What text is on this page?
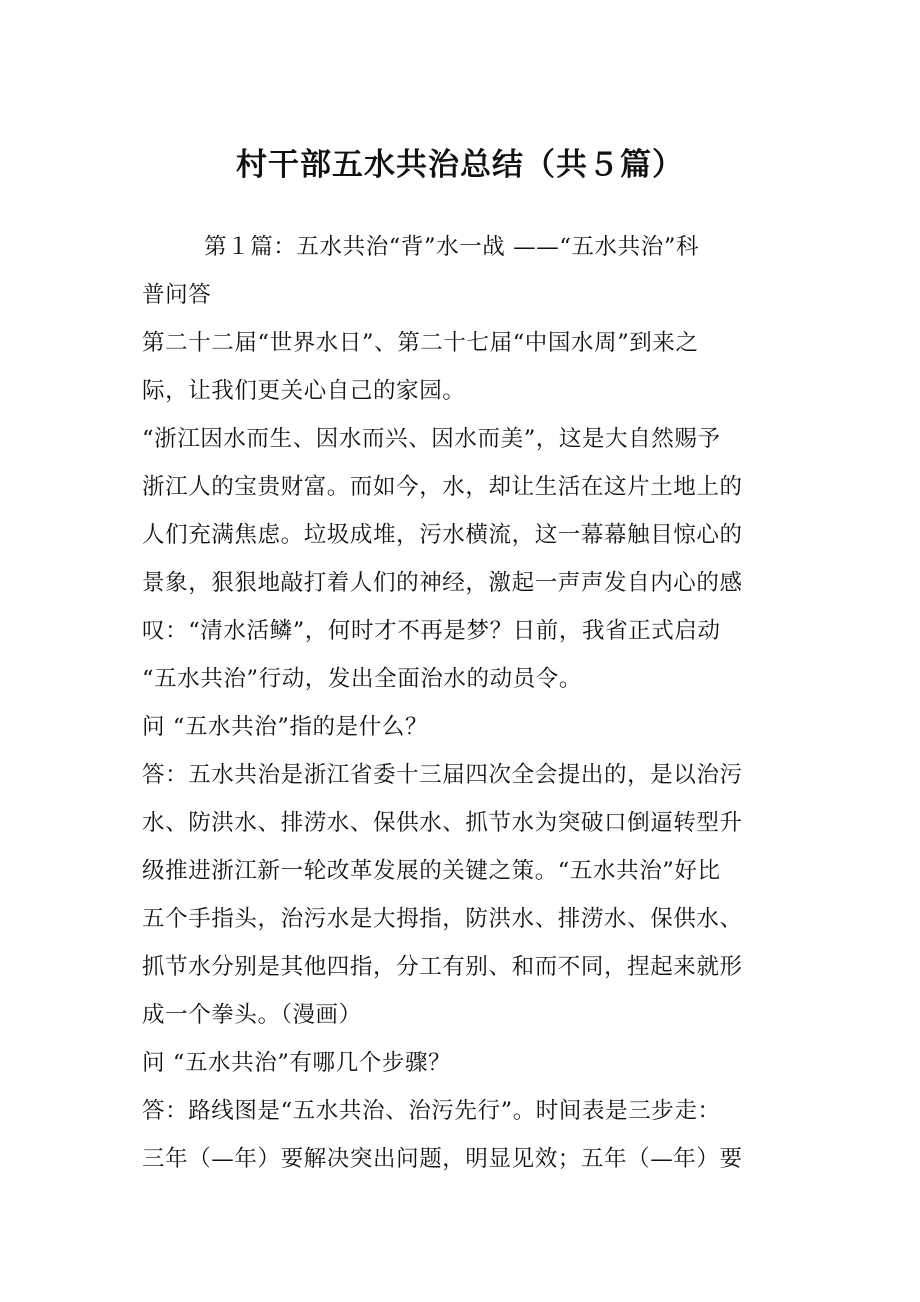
村干部五水共治总结（共５篇）
第１篇：五水共治“背”水一战 ——“五水共治”科
普问答
第二十二届“世界水日”、第二十七届“中国水周”到来之
际，让我们更关心自己的家园。
“浙江因水而生、因水而兴、因水而美”，这是大自然赐予
浙江人的宝贵财富。而如今，水，却让生活在这片土地上的
人们充满焦虑。垃圾成堆，污水横流，这一幕幕触目惊心的
景象，狠狠地敲打着人们的神经，激起一声声发自内心的感
叹：“清水活鳞”，何时才不再是梦？日前，我省正式启动
“五水共治”行动，发出全面治水的动员令。
问 “五水共治”指的是什么？
答：五水共治是浙江省委十三届四次全会提出的，是以治污
水、防洪水、排涝水、保供水、抓节水为突破口倒逼转型升
级推进浙江新一轮改革发展的关键之策。“五水共治”好比
五个手指头，治污水是大拇指，防洪水、排涝水、保供水、
抓节水分别是其他四指，分工有别、和而不同，捏起来就形
成一个拳头。（漫画）
问 “五水共治”有哪几个步骤？
答：路线图是“五水共治、治污先行”。时间表是三步走：
三年（—年）要解决突出问题，明显见效；五年（—年）要
